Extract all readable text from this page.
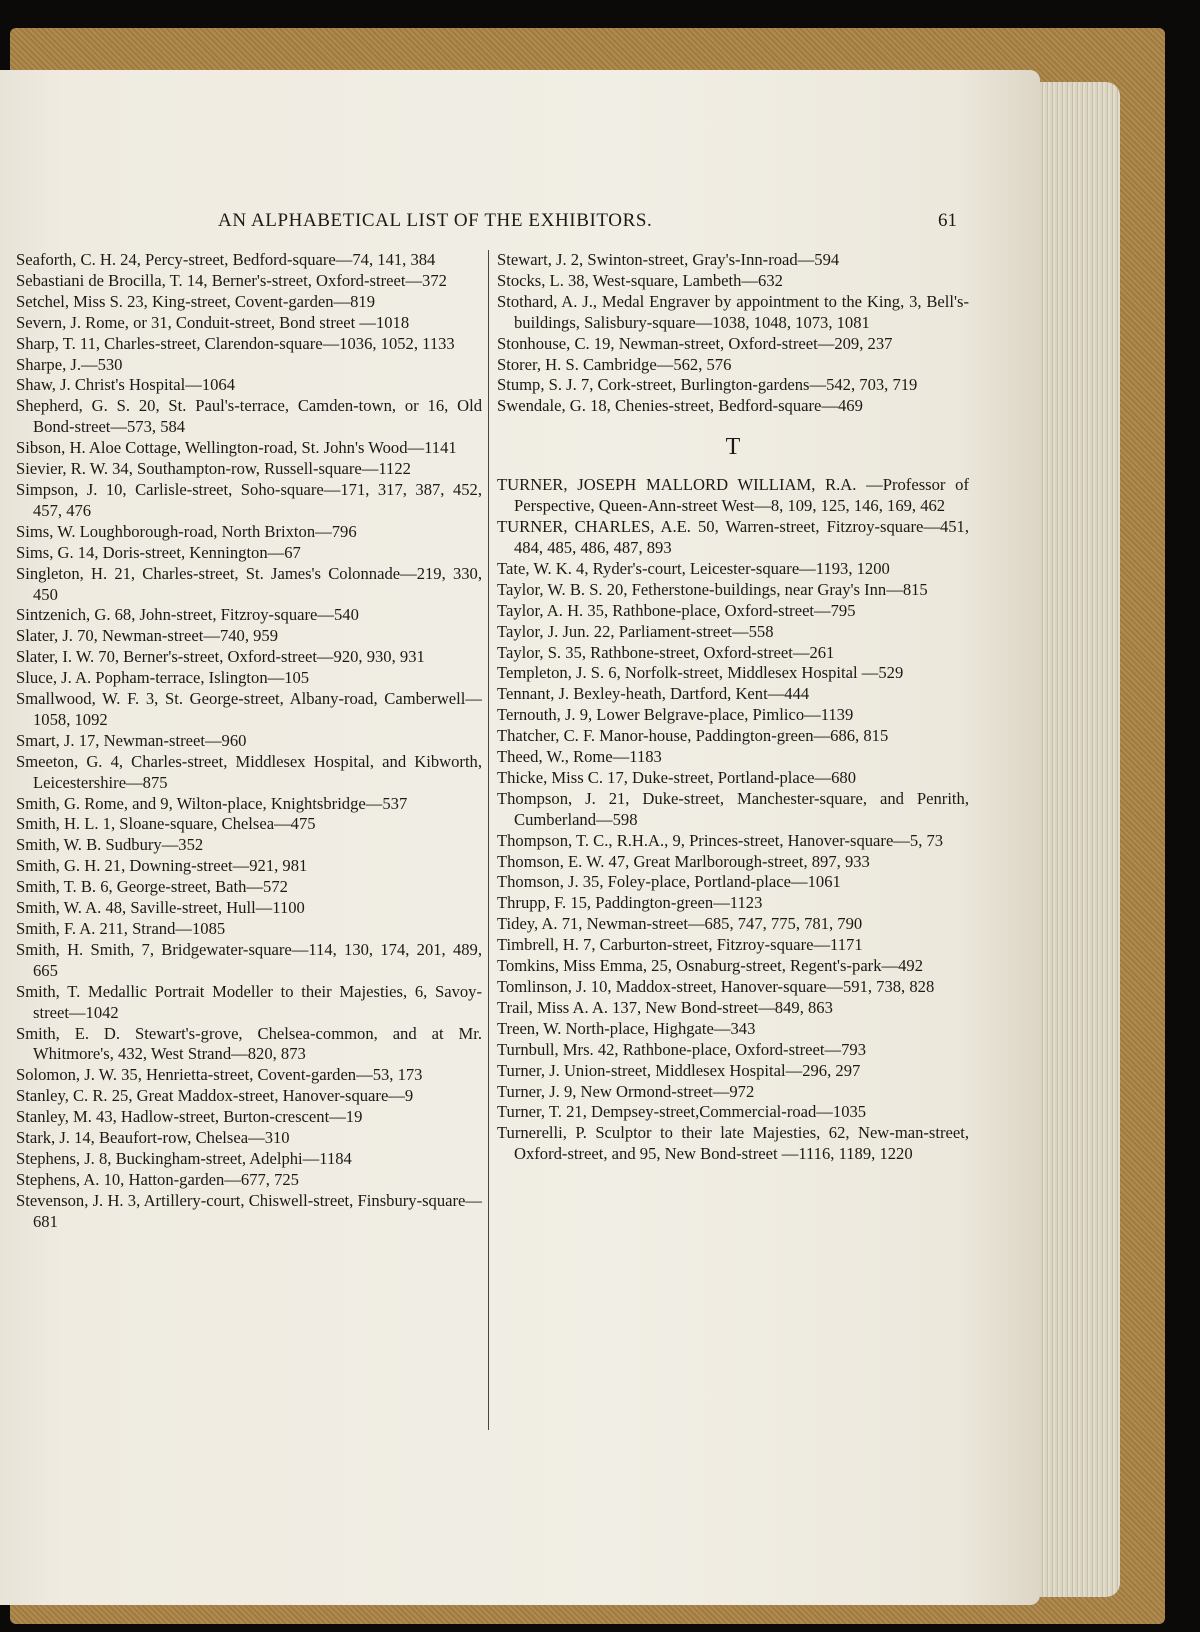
AN ALPHABETICAL LIST OF THE EXHIBITORS.	61

Seaforth, C. H. 24, Percy-street, Bedford-square—74, 141, 384

Sebastiani de Brocilla, T. 14, Berner's-street, Oxford-street—372

Setchel, Miss S. 23, King-street, Covent-garden—819

Severn, J. Rome, or 31, Conduit-street, Bond street —1018

Sharp, T. 11, Charles-street, Clarendon-square—1036, 1052, 1133

Sharpe, J.—530

Shaw, J. Christ's Hospital—1064

Shepherd, G. S. 20, St. Paul's-terrace, Camden-town, or 16, Old Bond-street—573, 584

Sibson, H. Aloe Cottage, Wellington-road, St. John's Wood—1141

Sievier, R. W. 34, Southampton-row, Russell-square—1122

Simpson, J. 10, Carlisle-street, Soho-square—171, 317, 387, 452, 457, 476

Sims, W. Loughborough-road, North Brixton—796

Sims, G. 14, Doris-street, Kennington—67

Singleton, H. 21, Charles-street, St. James's Colonnade—219, 330, 450

Sintzenich, G. 68, John-street, Fitzroy-square—540

Slater, J. 70, Newman-street—740, 959

Slater, I. W. 70, Berner's-street, Oxford-street—920, 930, 931

Sluce, J. A. Popham-terrace, Islington—105

Smallwood, W. F. 3, St. George-street, Albany-road, Camberwell—1058, 1092

Smart, J. 17, Newman-street—960

Smeeton, G. 4, Charles-street, Middlesex Hospital, and Kibworth, Leicestershire—875

Smith, G. Rome, and 9, Wilton-place, Knightsbridge—537

Smith, H. L. 1, Sloane-square, Chelsea—475

Smith, W. B. Sudbury—352

Smith, G. H. 21, Downing-street—921, 981

Smith, T. B. 6, George-street, Bath—572

Smith, W. A. 48, Saville-street, Hull—1100

Smith, F. A. 211, Strand—1085

Smith, H. Smith, 7, Bridgewater-square—114, 130, 174, 201, 489, 665

Smith, T. Medallic Portrait Modeller to their Majesties, 6, Savoy-street—1042

Smith, E. D. Stewart's-grove, Chelsea-common, and at Mr. Whitmore's, 432, West Strand—820, 873

Solomon, J. W. 35, Henrietta-street, Covent-garden—53, 173

Stanley, C. R. 25, Great Maddox-street, Hanover-square—9

Stanley, M. 43, Hadlow-street, Burton-crescent—19

Stark, J. 14, Beaufort-row, Chelsea—310

Stephens, J. 8, Buckingham-street, Adelphi—1184

Stephens, A. 10, Hatton-garden—677, 725

Stevenson, J. H. 3, Artillery-court, Chiswell-street, Finsbury-square—681

Stewart, J. 2, Swinton-street, Gray's-Inn-road—594

Stocks, L. 38, West-square, Lambeth—632

Stothard, A. J., Medal Engraver by appointment to the King, 3, Bell's-buildings, Salisbury-square—1038, 1048, 1073, 1081

Stonhouse, C. 19, Newman-street, Oxford-street—209, 237

Storer, H. S. Cambridge—562, 576

Stump, S. J. 7, Cork-street, Burlington-gardens—542, 703, 719

Swendale, G. 18, Chenies-street, Bedford-square—469

T

TURNER, JOSEPH MALLORD WILLIAM, R.A. —Professor of Perspective, Queen-Ann-street West—8, 109, 125, 146, 169, 462

TURNER, CHARLES, A.E. 50, Warren-street, Fitzroy-square—451, 484, 485, 486, 487, 893

Tate, W. K. 4, Ryder's-court, Leicester-square—1193, 1200

Taylor, W. B. S. 20, Fetherstone-buildings, near Gray's Inn—815

Taylor, A. H. 35, Rathbone-place, Oxford-street—795

Taylor, J. Jun. 22, Parliament-street—558

Taylor, S. 35, Rathbone-street, Oxford-street—261

Templeton, J. S. 6, Norfolk-street, Middlesex Hospital —529

Tennant, J. Bexley-heath, Dartford, Kent—444

Ternouth, J. 9, Lower Belgrave-place, Pimlico—1139

Thatcher, C. F. Manor-house, Paddington-green—686, 815

Theed, W., Rome—1183

Thicke, Miss C. 17, Duke-street, Portland-place—680

Thompson, J. 21, Duke-street, Manchester-square, and Penrith, Cumberland—598

Thompson, T. C., R.H.A., 9, Princes-street, Hanover-square—5, 73

Thomson, E. W. 47, Great Marlborough-street, 897, 933

Thomson, J. 35, Foley-place, Portland-place—1061

Thrupp, F. 15, Paddington-green—1123

Tidey, A. 71, Newman-street—685, 747, 775, 781, 790

Timbrell, H. 7, Carburton-street, Fitzroy-square—1171

Tomkins, Miss Emma, 25, Osnaburg-street, Regent's-park—492

Tomlinson, J. 10, Maddox-street, Hanover-square—591, 738, 828

Trail, Miss A. A. 137, New Bond-street—849, 863

Treen, W. North-place, Highgate—343

Turnbull, Mrs. 42, Rathbone-place, Oxford-street—793

Turner, J. Union-street, Middlesex Hospital—296, 297

Turner, J. 9, New Ormond-street—972

Turner, T. 21, Dempsey-street,Commercial-road—1035

Turnerelli, P. Sculptor to their late Majesties, 62, New-man-street, Oxford-street, and 95, New Bond-street —1116, 1189, 1220
